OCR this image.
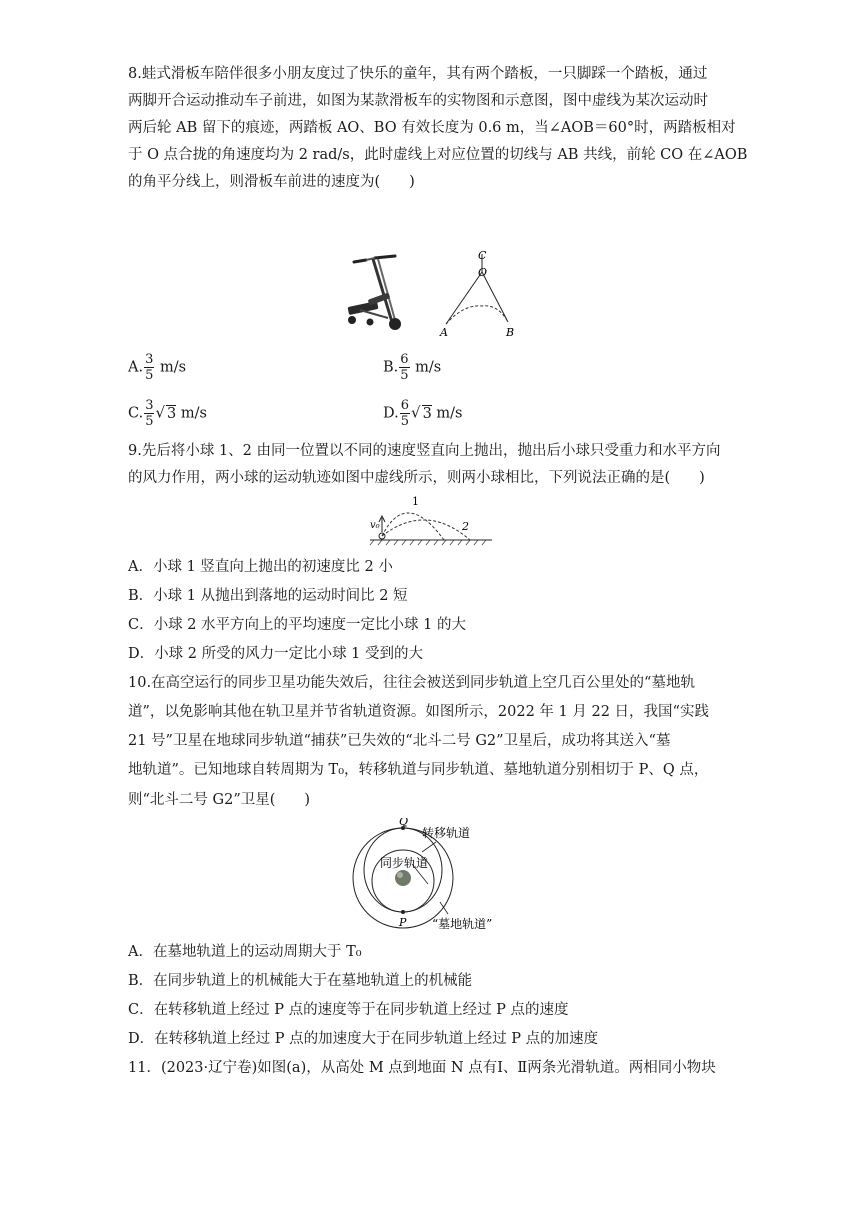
8.蛙式滑板车陪伴很多小朋友度过了快乐的童年，其有两个踏板，一只脚踩一个踏板，通过
两脚开合运动推动车子前进，如图为某款滑板车的实物图和示意图，图中虚线为某次运动时
两后轮 AB 留下的痕迹，两踏板 AO、BO 有效长度为 0.6 m，当∠AOB＝60°时，两踏板相对
于 O 点合拢的角速度均为 2 rad/s，此时虚线上对应位置的切线与 AB 共线，前轮 CO 在∠AOB
的角平分线上，则滑板车前进的速度为(　　)
C
O
A	B
A. $\frac{3}{5} m/s$	B. $\frac{6}{5} m/s$
C. $\frac{3}{5}$ √ 3 m/s	D. $\frac{6}{5}$ √ 3 m/s
9.先后将小球 1、2 由同一位置以不同的速度竖直向上抛出，抛出后小球只受重力和水平方向
的风力作用，两小球的运动轨迹如图中虚线所示，则两小球相比，下列说法正确的是(　　)
v₀
1
2
A．小球 1 竖直向上抛出的初速度比 2 小
B．小球 1 从抛出到落地的运动时间比 2 短
C．小球 2 水平方向上的平均速度一定比小球 1 的大
D．小球 2 所受的风力一定比小球 1 受到的大
10.在高空运行的同步卫星功能失效后，往往会被送到同步轨道上空几百公里处的“墓地轨
道”，以免影响其他在轨卫星并节省轨道资源。如图所示，2022 年 1 月 22 日，我国“实践
21 号”卫星在地球同步轨道“捕获”已失效的“北斗二号 G2”卫星后，成功将其送入“墓
地轨道”。已知地球自转周期为 T₀，转移轨道与同步轨道、墓地轨道分别相切于 P、Q 点，
则“北斗二号 G2”卫星(　　)
Q
P
转移轨道
同步轨道
“墓地轨道”
A．在墓地轨道上的运动周期大于 T₀
B．在同步轨道上的机械能大于在墓地轨道上的机械能
C．在转移轨道上经过 P 点的速度等于在同步轨道上经过 P 点的速度
D．在转移轨道上经过 P 点的加速度大于在同步轨道上经过 P 点的加速度
11．(2023·辽宁卷)如图(a)，从高处 M 点到地面 N 点有Ⅰ、Ⅱ两条光滑轨道。两相同小物块
